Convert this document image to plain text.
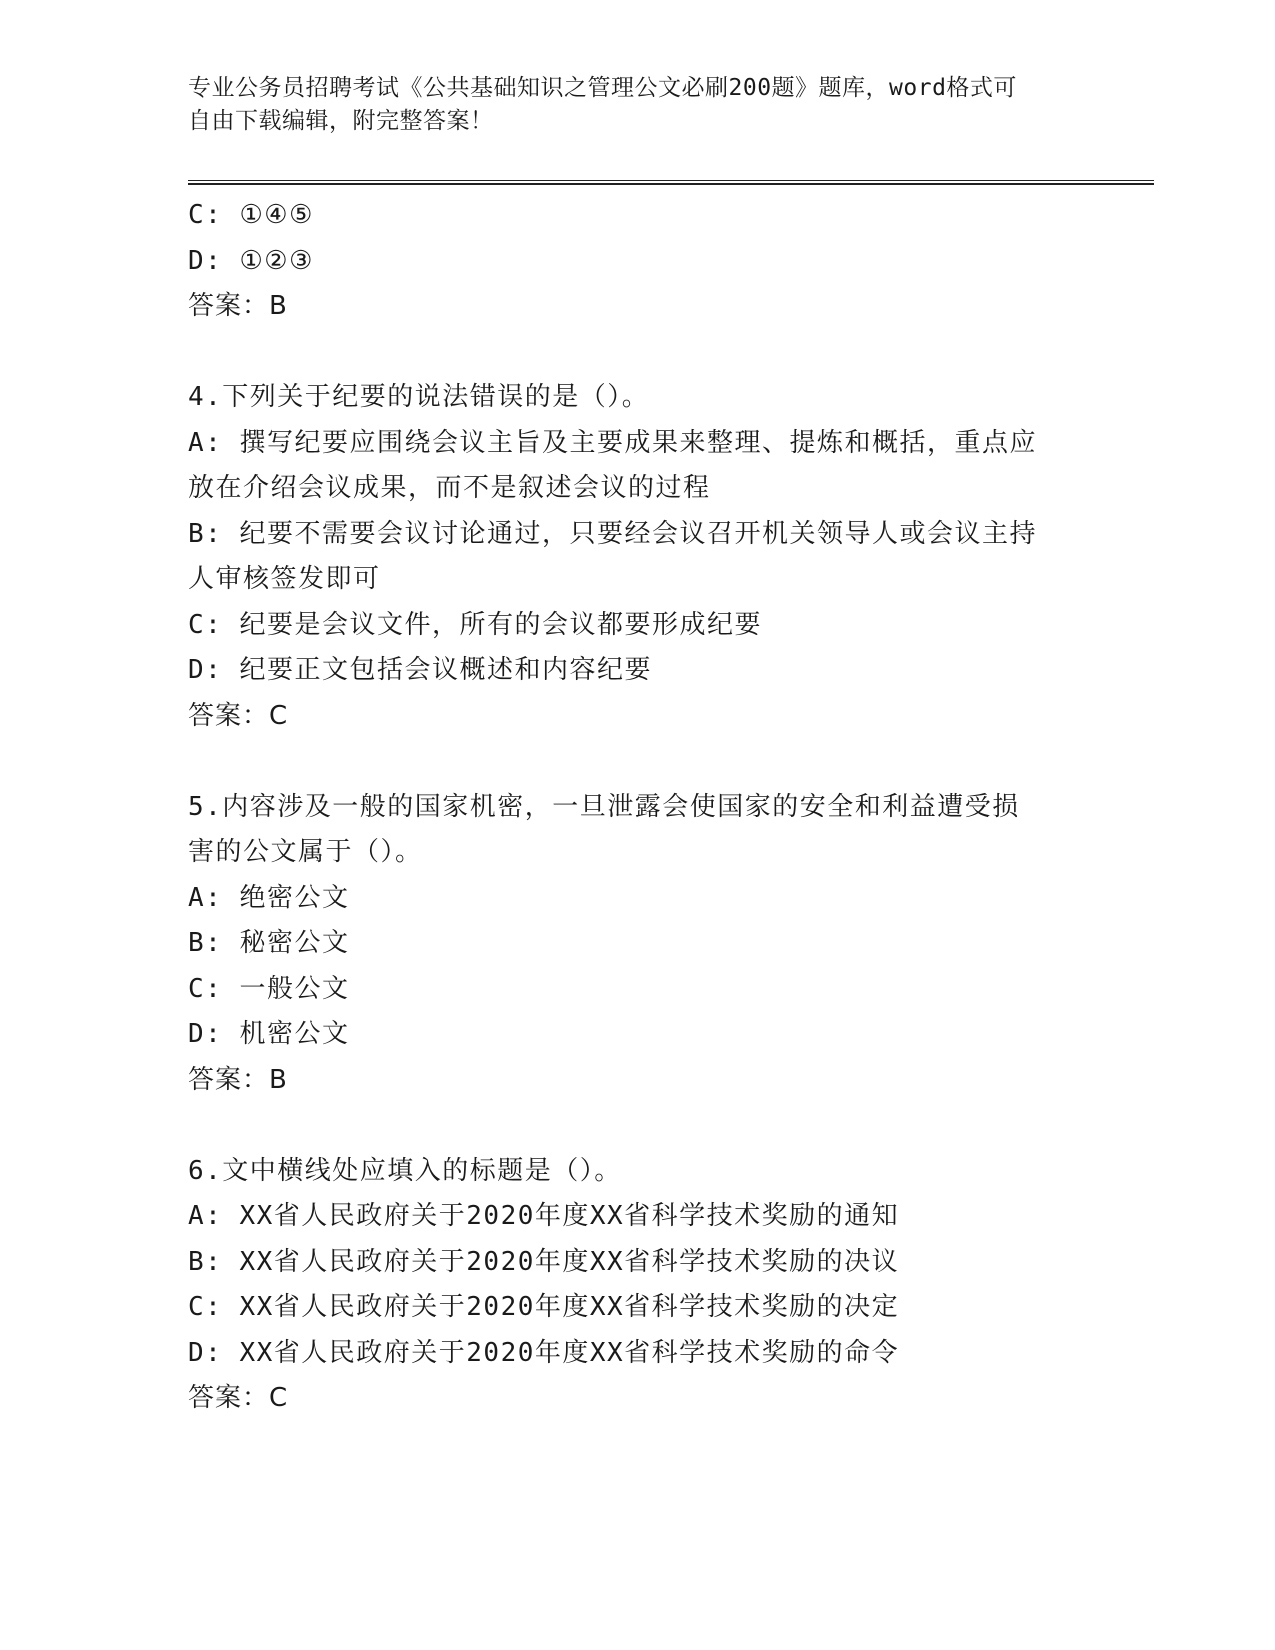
专业公务员招聘考试《公共基础知识之管理公文必刷200题》题库，word格式可
自由下载编辑，附完整答案！
C: ①④⑤
D: ①②③
答案：B
4.下列关于纪要的说法错误的是（）。
A: 撰写纪要应围绕会议主旨及主要成果来整理、提炼和概括，重点应
放在介绍会议成果，而不是叙述会议的过程
B: 纪要不需要会议讨论通过，只要经会议召开机关领导人或会议主持
人审核签发即可
C: 纪要是会议文件，所有的会议都要形成纪要
D: 纪要正文包括会议概述和内容纪要
答案：C
5.内容涉及一般的国家机密，一旦泄露会使国家的安全和利益遭受损
害的公文属于（）。
A: 绝密公文
B: 秘密公文
C: 一般公文
D: 机密公文
答案：B
6.文中横线处应填入的标题是（）。
A: XX省人民政府关于2020年度XX省科学技术奖励的通知
B: XX省人民政府关于2020年度XX省科学技术奖励的决议
C: XX省人民政府关于2020年度XX省科学技术奖励的决定
D: XX省人民政府关于2020年度XX省科学技术奖励的命令
答案：C
